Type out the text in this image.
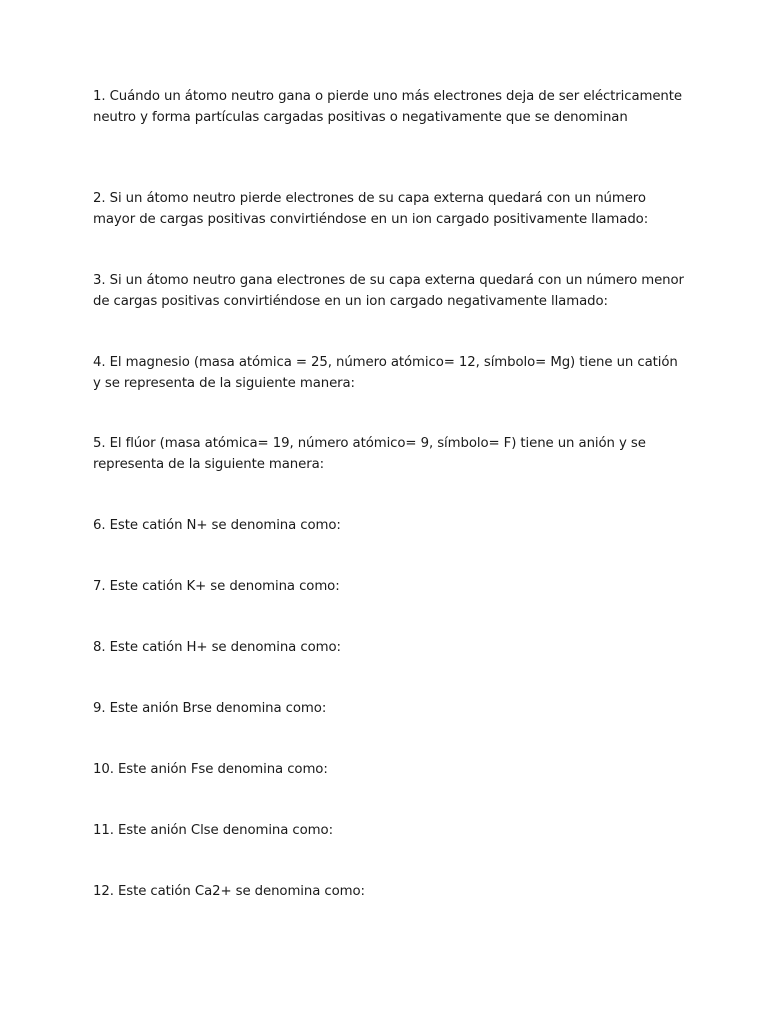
1. Cuándo un átomo neutro gana o pierde uno más electrones deja de ser eléctricamente neutro y forma partículas cargadas positivas o negativamente que se denominan

2. Si un átomo neutro pierde electrones de su capa externa quedará con un número mayor de cargas positivas convirtiéndose en un ion cargado positivamente llamado:

3. Si un átomo neutro gana electrones de su capa externa quedará con un número menor de cargas positivas convirtiéndose en un ion cargado negativamente llamado:

4. El magnesio (masa atómica = 25, número atómico= 12, símbolo= Mg) tiene un catión y se representa de la siguiente manera:

5. El flúor (masa atómica= 19, número atómico= 9, símbolo= F) tiene un anión y se representa de la siguiente manera:

6. Este catión N+ se denomina como:

7. Este catión K+ se denomina como:

8. Este catión H+ se denomina como:

9. Este anión Brse denomina como:

10. Este anión Fse denomina como:

11. Este anión Clse denomina como:

12. Este catión Ca2+ se denomina como:
